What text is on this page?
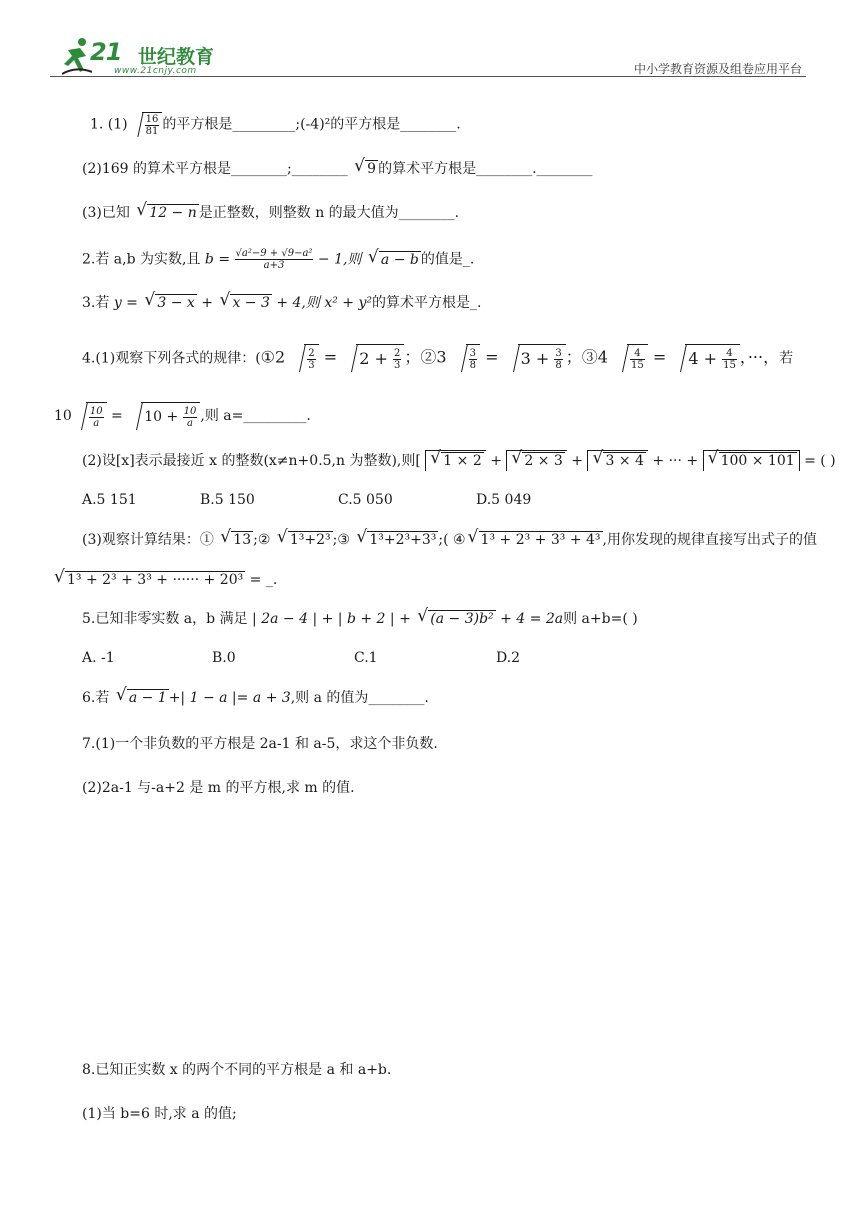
21 世纪教育
www.21cnjy.com	中小学教育资源及组卷应用平台
1. $(1) \frac{16}{81}$ 的平方根是_________;(-4)²的平方根是________.
(2)169 的算术平方根是________;________ √ 9 的算术平方根是________.________
(3)已知 √ 12 − n 是正整数，则整数 n 的最大值为________.
2.若 a,b 为实数,且 $b = \frac{\text{√a²−9 + √9−a²}}{a+3} - 1$,则 √ a − b 的值是_.
3.若 y = √ 3 − x + √ x − 3 + 4,则 x² + y²的算术平方根是_.
4.(1)观察下列各式的规律：(①2 $\frac{2}{3} = 2 + \frac{2}{3}$ ；②3 $\frac{3}{8} = 3 + \frac{3}{8}$ ；③4 $\frac{4}{15} = 4 + \frac{4}{15}$ ，···，若
$10 \frac{10}{a} = 10 + \frac{10}{a}$ ,则 a=_________.
(2)设[x]表示最接近 x 的整数(x≠n+0.5,n 为整数),则[ √ 1 × 2 + √ 2 × 3 + √ 3 × 4 + ··· + √ 100 × 101 = ( )
A.5 151	B.5 150	C.5 050	D.5 049
(3)观察计算结果：① √ 13 ;② √ 1³+2³ ;③ √ 1³+2³+3³ ;( ④√ 1³ + 2³ + 3³ + 4³ ,用你发现的规律直接写出式子的值
√ 1³ + 2³ + 3³ + ······ + 20³ = _.
5.已知非零实数 a，b 满足 | 2a − 4 | + | b + 2 | + √ (a − 3)b² + 4 = 2a则 a+b=( )
A. -1	B.0	C.1	D.2
6.若 √ a − 1 +| 1 − a |= a + 3,则 a 的值为________.
7.(1)一个非负数的平方根是 2a-1 和 a-5，求这个非负数.
(2)2a-1 与-a+2 是 m 的平方根,求 m 的值.
8.已知正实数 x 的两个不同的平方根是 a 和 a+b.
(1)当 b=6 时,求 a 的值;
